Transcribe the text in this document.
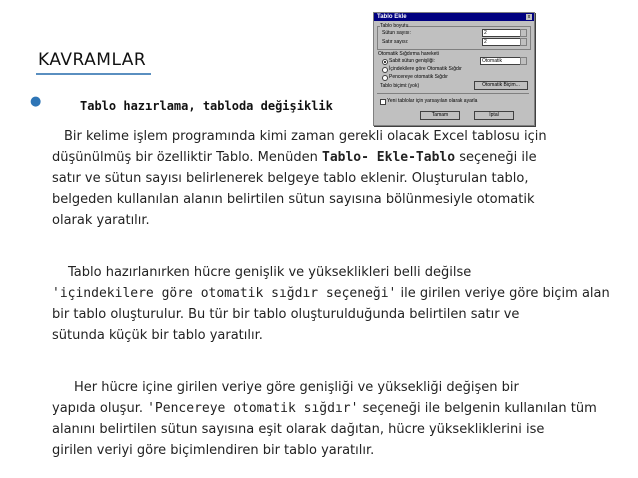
KAVRAMLAR
●	Tablo hazırlama, tabloda değişiklik
Bir kelime işlem programında kimi zaman gerekli olacak Excel tablosu için
düşünülmüş bir özelliktir Tablo. Menüden Tablo- Ekle-Tablo seçeneği ile
satır ve sütun sayısı belirlenerek belgeye tablo eklenir. Oluşturulan tablo,
belgeden kullanılan alanın belirtilen sütun sayısına bölünmesiyle otomatik
olarak yaratılır.
Tablo hazırlanırken hücre genişlik ve yükseklikleri belli değilse
'içindekilere göre otomatik sığdır seçeneği' ile girilen veriye göre biçim alan
bir tablo oluşturulur. Bu tür bir tablo oluşturulduğunda belirtilen satır ve
sütunda küçük bir tablo yaratılır.
Her hücre içine girilen veriye göre genişliği ve yüksekliği değişen bir
yapıda oluşur. 'Pencereye otomatik sığdır' seçeneği ile belgenin kullanılan tüm
alanını belirtilen sütun sayısına eşit olarak dağıtan, hücre yüksekliklerini ise
girilen veriyi göre biçimlendiren bir tablo yaratılır.
Tablo Ekle	x
Tablo boyutu
Sütun sayısı:	2
Satır sayısı:	2
Otomatik Sığdırma hareketi
Sabit sütun genişliği:	Otomatik
İçindekilere göre Otomatik Sığdır
Pencereye otomatik Sığdır
Tablo biçimi: (yok)	Otomatik Biçim...
Yeni tablolar için yarsayılan olarak ayarla
Tamam	İptal
